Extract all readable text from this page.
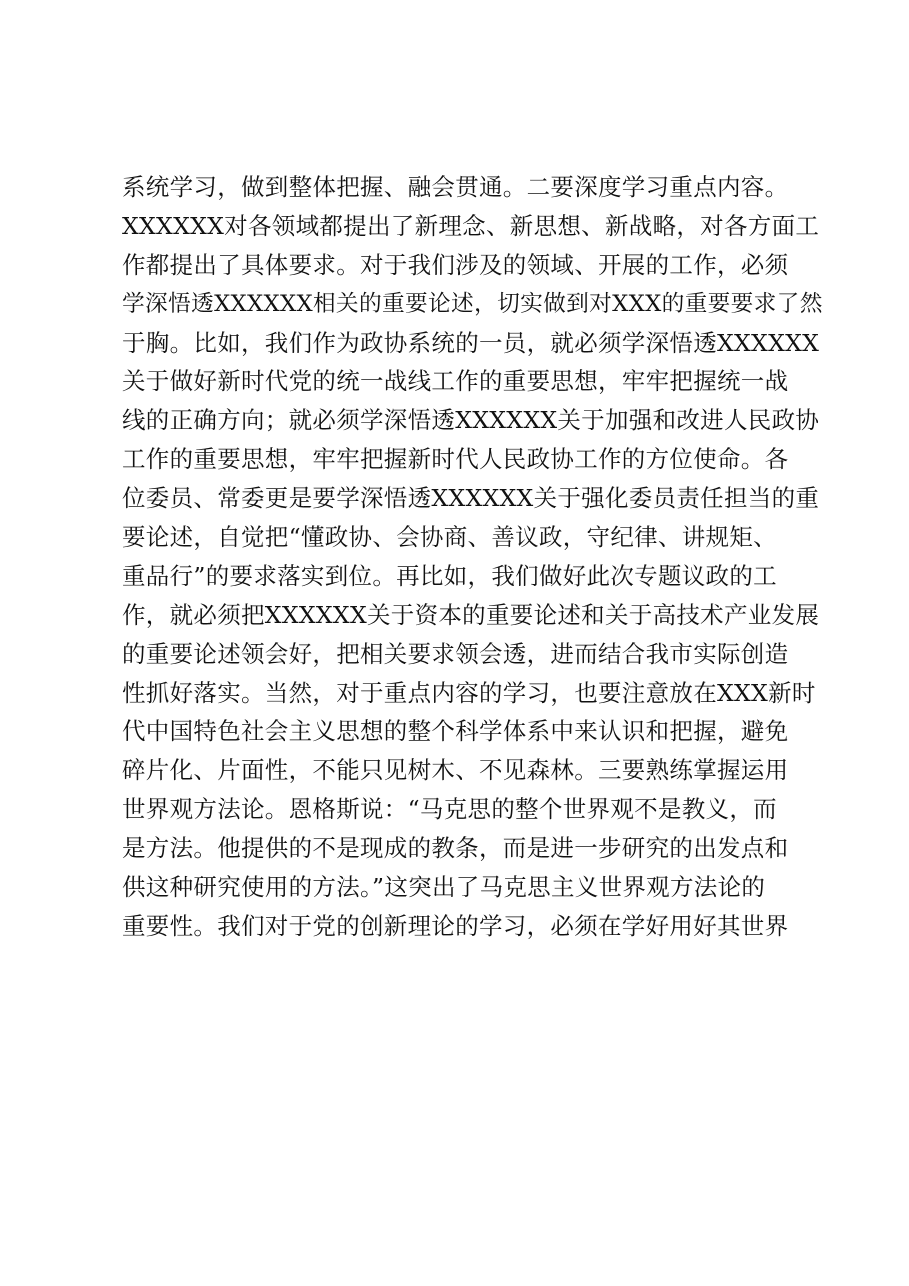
系统学习，做到整体把握、融会贯通。二要深度学习重点内容。
XXXXXX对各领域都提出了新理念、新思想、新战略，对各方面工
作都提出了具体要求。对于我们涉及的领域、开展的工作，必须
学深悟透XXXXXX相关的重要论述，切实做到对XXX的重要要求了然
于胸。比如，我们作为政协系统的一员，就必须学深悟透XXXXXX
关于做好新时代党的统一战线工作的重要思想，牢牢把握统一战
线的正确方向；就必须学深悟透XXXXXX关于加强和改进人民政协
工作的重要思想，牢牢把握新时代人民政协工作的方位使命。各
位委员、常委更是要学深悟透XXXXXX关于强化委员责任担当的重
要论述，自觉把“懂政协、会协商、善议政，守纪律、讲规矩、
重品行”的要求落实到位。再比如，我们做好此次专题议政的工
作，就必须把XXXXXX关于资本的重要论述和关于高技术产业发展
的重要论述领会好，把相关要求领会透，进而结合我市实际创造
性抓好落实。当然，对于重点内容的学习，也要注意放在XXX新时
代中国特色社会主义思想的整个科学体系中来认识和把握，避免
碎片化、片面性，不能只见树木、不见森林。三要熟练掌握运用
世界观方法论。恩格斯说：“马克思的整个世界观不是教义，而
是方法。他提供的不是现成的教条，而是进一步研究的出发点和
供这种研究使用的方法。”这突出了马克思主义世界观方法论的
重要性。我们对于党的创新理论的学习，必须在学好用好其世界
